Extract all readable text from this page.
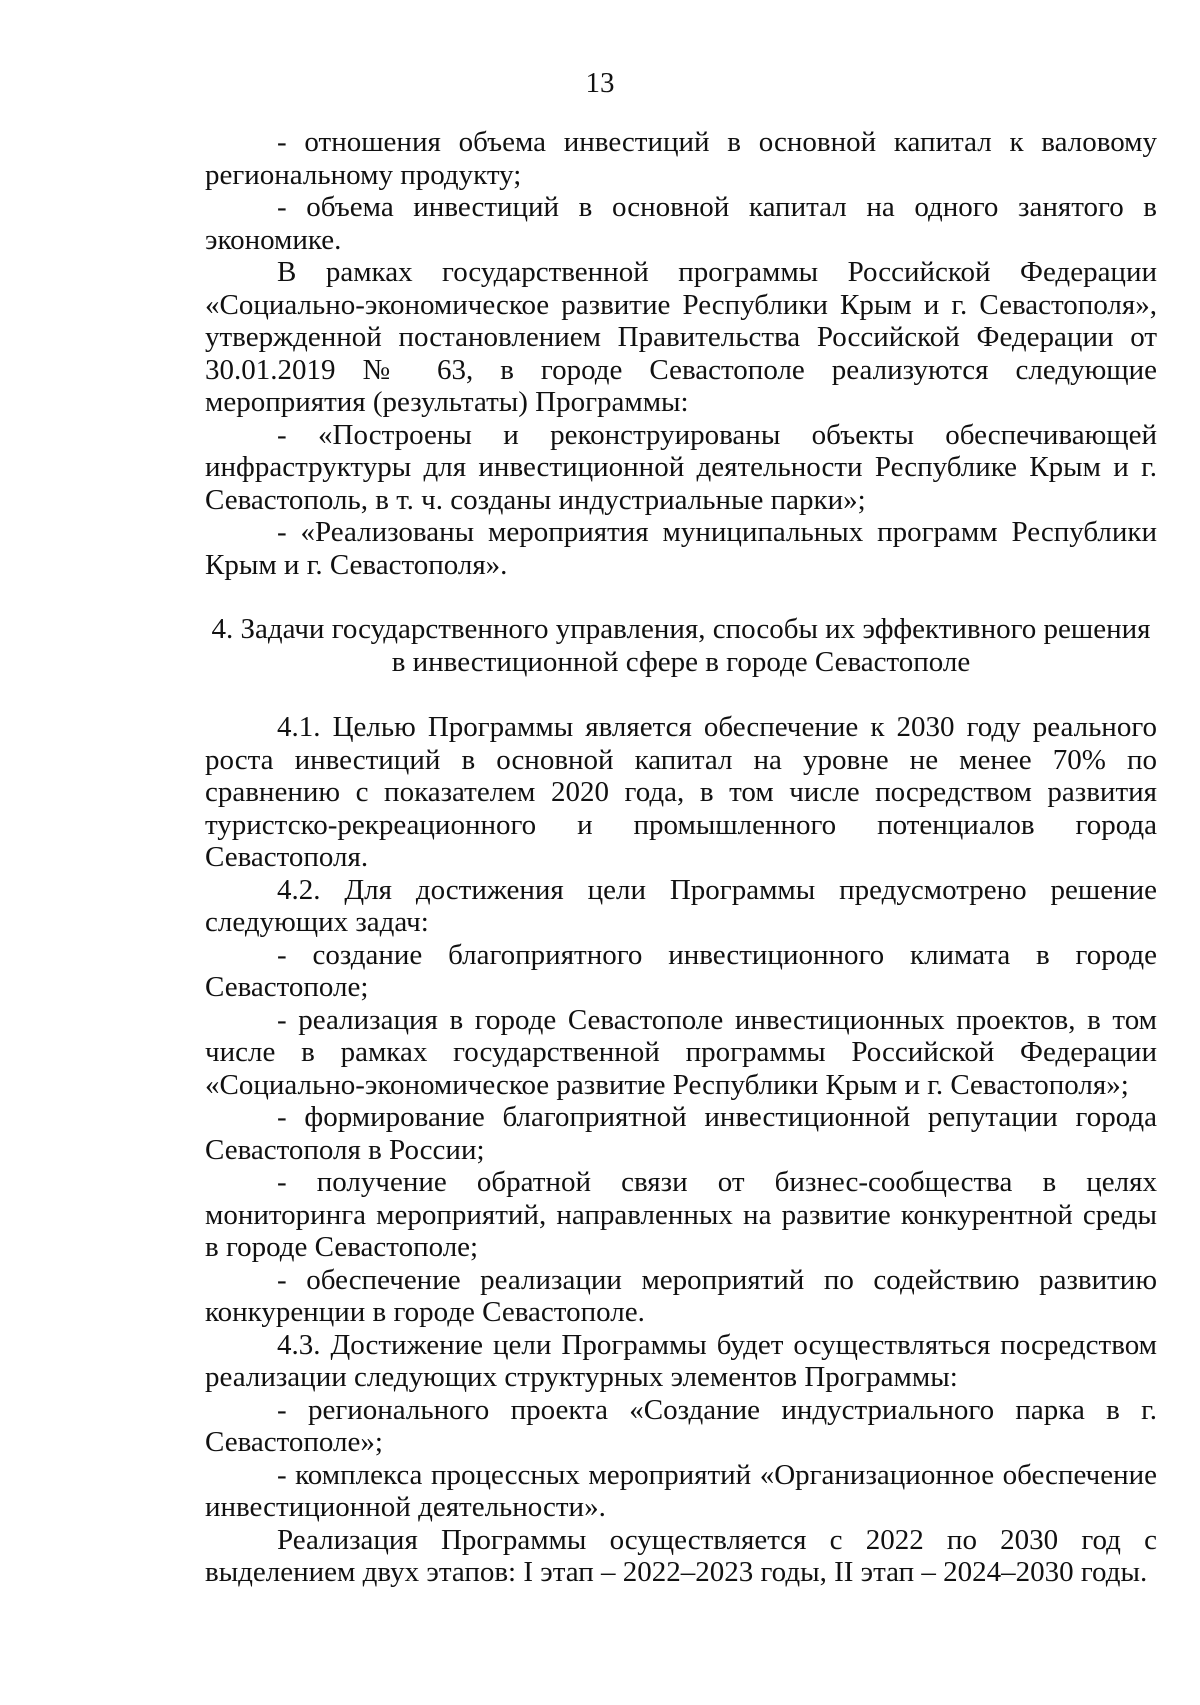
13

- отношения объема инвестиций в основной капитал к валовому региональному продукту;

- объема инвестиций в основной капитал на одного занятого в экономике.

В рамках государственной программы Российской Федерации «Социально-экономическое развитие Республики Крым и г. Севастополя», утвержденной постановлением Правительства Российской Федерации от 30.01.2019 № 63, в городе Севастополе реализуются следующие мероприятия (результаты) Программы:

- «Построены и реконструированы объекты обеспечивающей инфраструктуры для инвестиционной деятельности Республике Крым и г. Севастополь, в т. ч. созданы индустриальные парки»;

- «Реализованы мероприятия муниципальных программ Республики Крым и г. Севастополя».

4. Задачи государственного управления, способы их эффективного решения в инвестиционной сфере в городе Севастополе

4.1. Целью Программы является обеспечение к 2030 году реального роста инвестиций в основной капитал на уровне не менее 70% по сравнению с показателем 2020 года, в том числе посредством развития туристско-рекреационного и промышленного потенциалов города Севастополя.

4.2. Для достижения цели Программы предусмотрено решение следующих задач:

- создание благоприятного инвестиционного климата в городе Севастополе;

- реализация в городе Севастополе инвестиционных проектов, в том числе в рамках государственной программы Российской Федерации «Социально-экономическое развитие Республики Крым и г. Севастополя»;

- формирование благоприятной инвестиционной репутации города Севастополя в России;

- получение обратной связи от бизнес-сообщества в целях мониторинга мероприятий, направленных на развитие конкурентной среды в городе Севастополе;

- обеспечение реализации мероприятий по содействию развитию конкуренции в городе Севастополе.

4.3. Достижение цели Программы будет осуществляться посредством реализации следующих структурных элементов Программы:

- регионального проекта «Создание индустриального парка в г. Севастополе»;

- комплекса процессных мероприятий «Организационное обеспечение инвестиционной деятельности».

Реализация Программы осуществляется с 2022 по 2030 год с выделением двух этапов: I этап – 2022–2023 годы, II этап – 2024–2030 годы.
